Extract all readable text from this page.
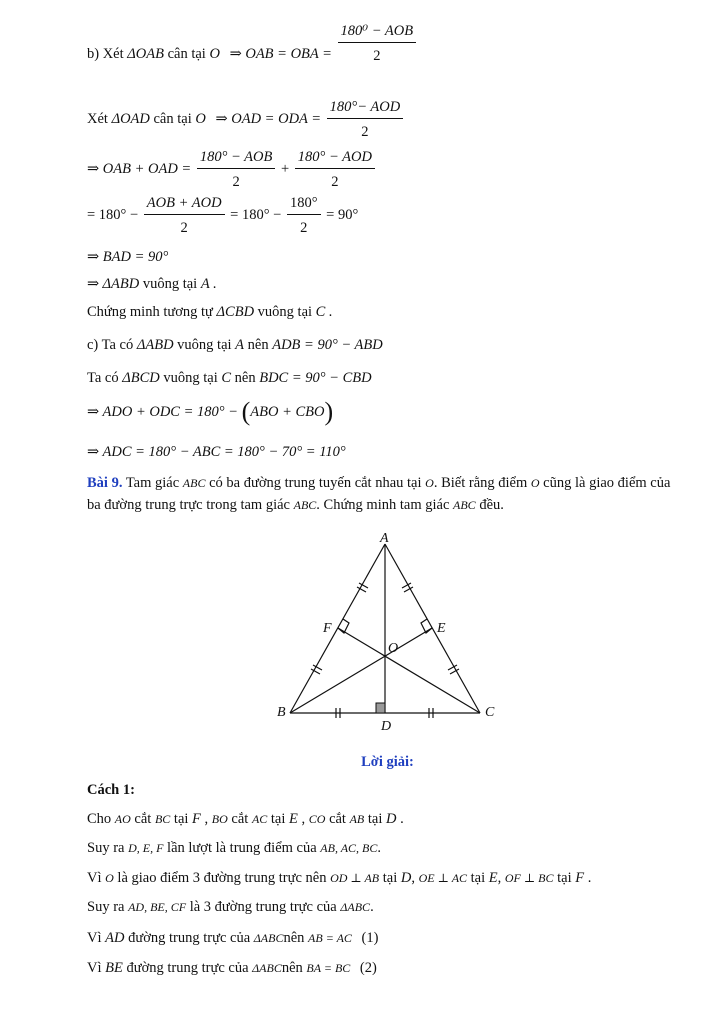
b) Xét ΔOAB cân tại O ⇒ OAB = OBA = $\frac{\text{180⁰ − AOB}}{2}$
Xét ΔOAD cân tại O ⇒ OAD = ODA = $\frac{\text{180°− AOD}}{2}$
⇒ OAB + OAD = $\frac{\text{180° − AOB}}{2} + \frac{\text{180° − AOD}}{2}$
= $180^\circ - \frac{\text{AOB + AOD}}{2} = 180^\circ - \frac{180^\circ}{2} = 90^\circ$
⇒ BAD = 90°
⇒ ΔABD vuông tại A .
Chứng minh tương tự ΔCBD vuông tại C .
c) Ta có ΔABD vuông tại A nên ADB = 90° − ABD
Ta có ΔBCD vuông tại C nên BDC = 90° − CBD
⇒ ADO + ODC = 180° − (ABO + CBO)
⇒ ADC = 180° − ABC = 180° − 70° = 110°
Bài 9. Tam giác ABC có ba đường trung tuyến cắt nhau tại O. Biết rằng điểm O cũng là giao điểm của ba đường trung trực trong tam giác ABC. Chứng minh tam giác ABC đều.
A
B	C
D
E
F
O
Lời giải:
Cách 1:
Cho AO cắt BC tại F , BO cắt AC tại E , CO cắt AB tại D .
Suy ra D, E, F lần lượt là trung điểm của AB, AC, BC.
Vì O là giao điểm 3 đường trung trực nên OD ⊥ AB tại D, OE ⊥ AC tại E, OF ⊥ BC tại F .
Suy ra AD, BE, CF là 3 đường trung trực của ΔABC.
Vì AD đường trung trực của ΔABCnên AB = AC (1)
Vì BE đường trung trực của ΔABCnên BA = BC (2)
